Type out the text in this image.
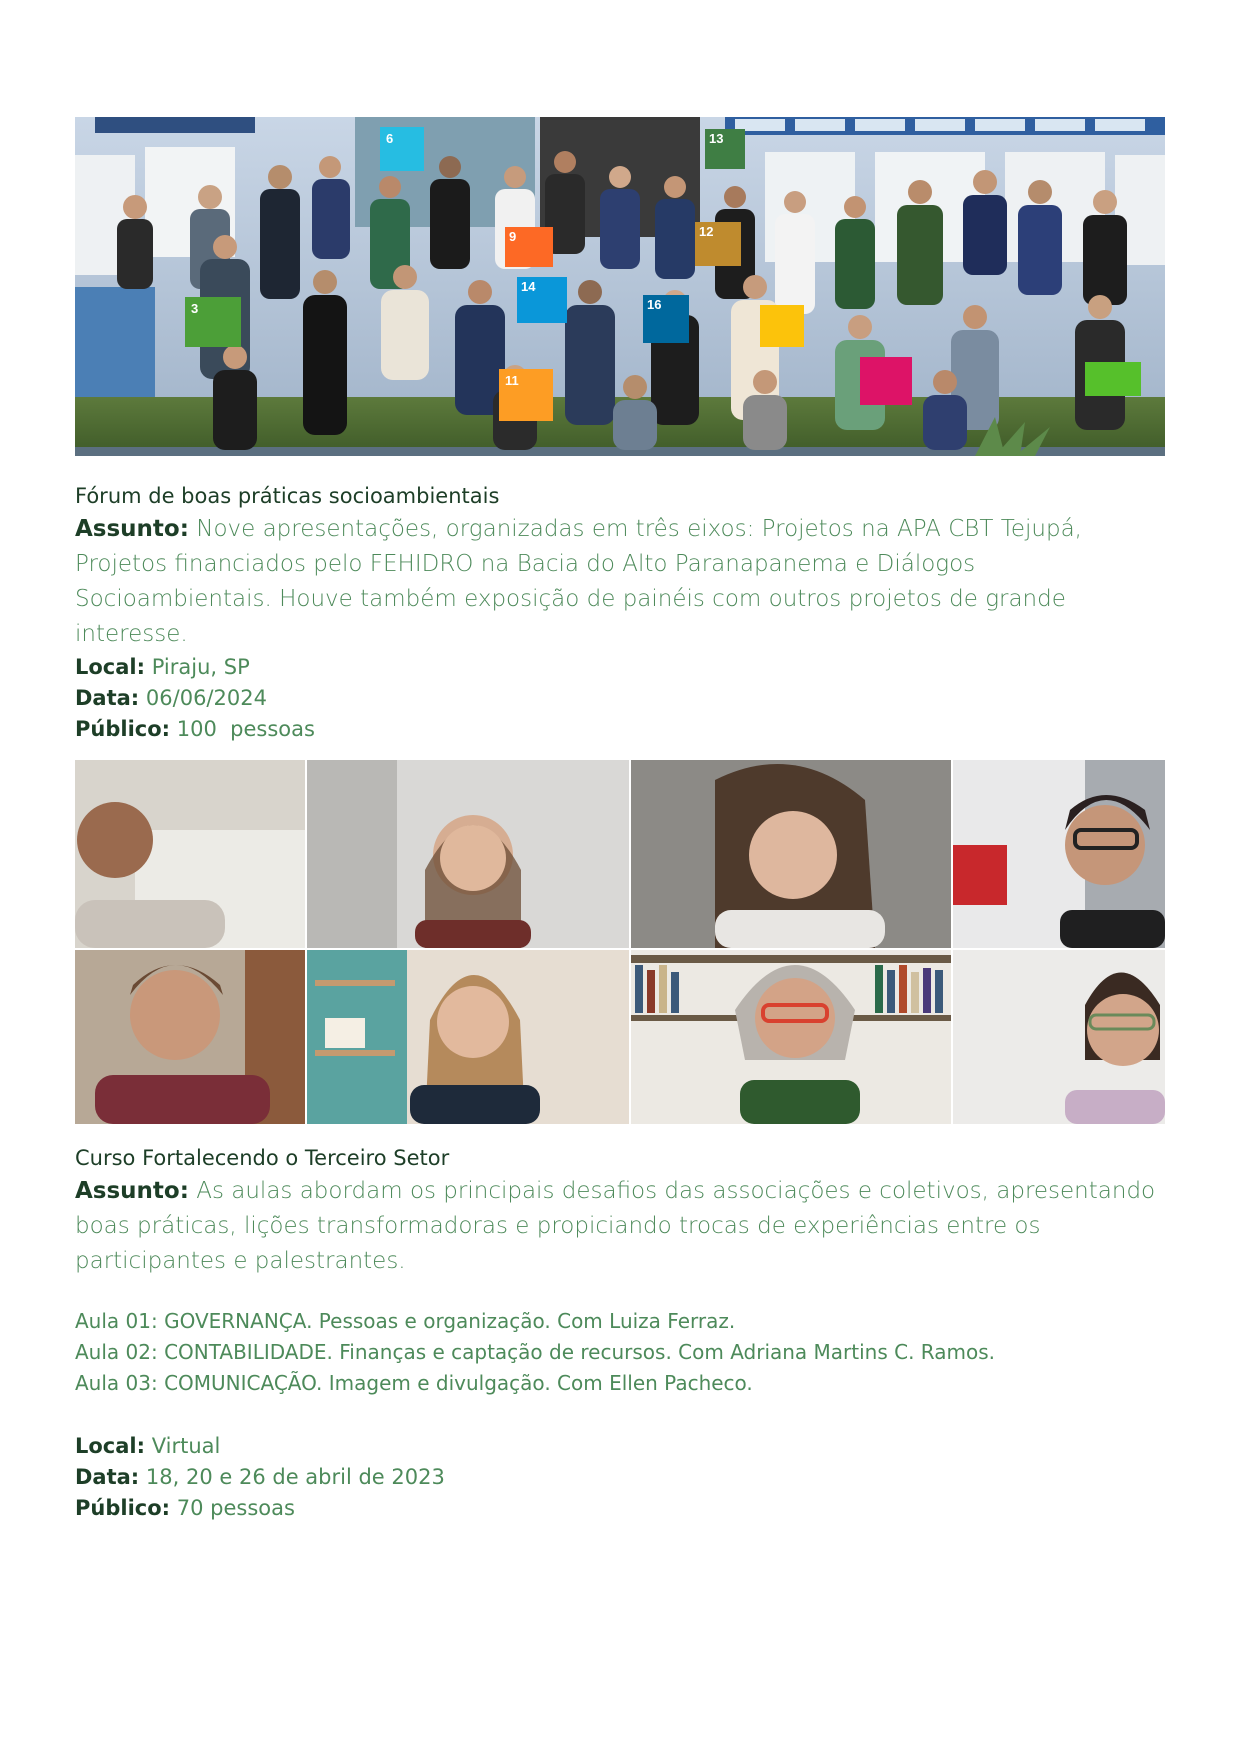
6	13
9	12
3
14
16
11
Fórum de boas práticas socioambientais
Assunto: Nove apresentações, organizadas em três eixos: Projetos na APA CBT Tejupá, Projetos financiados pelo FEHIDRO na Bacia do Alto Paranapanema e Diálogos Socioambientais. Houve também exposição de painéis com outros projetos de grande interesse.
Local: Piraju, SP
Data: 06/06/2024
Público: 100  pessoas
Curso Fortalecendo o Terceiro Setor
Assunto: As aulas abordam os principais desafios das associações e coletivos, apresentando boas práticas, lições transformadoras e propiciando trocas de experiências entre os participantes e palestrantes.
Aula 01: GOVERNANÇA. Pessoas e organização. Com Luiza Ferraz.
Aula 02: CONTABILIDADE. Finanças e captação de recursos. Com Adriana Martins C. Ramos.
Aula 03: COMUNICAÇÃO. Imagem e divulgação. Com Ellen Pacheco.
Local: Virtual
Data: 18, 20 e 26 de abril de 2023
Público: 70 pessoas
